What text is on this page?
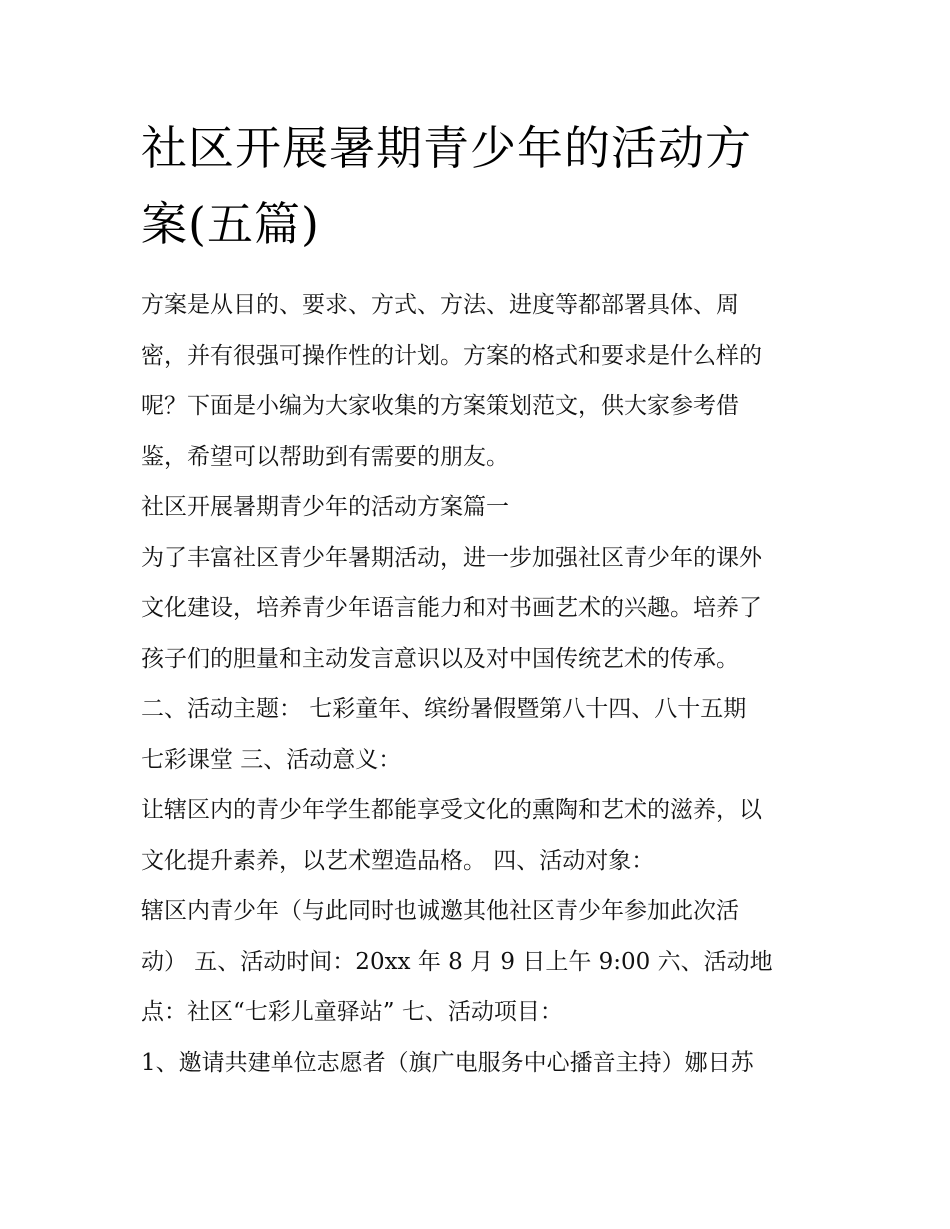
社区开展暑期青少年的活动方
案(五篇)
方案是从目的、要求、方式、方法、进度等都部署具体、周
密，并有很强可操作性的计划。方案的格式和要求是什么样的
呢？下面是小编为大家收集的方案策划范文，供大家参考借
鉴，希望可以帮助到有需要的朋友。
社区开展暑期青少年的活动方案篇一
为了丰富社区青少年暑期活动，进一步加强社区青少年的课外
文化建设，培养青少年语言能力和对书画艺术的兴趣。培养了
孩子们的胆量和主动发言意识以及对中国传统艺术的传承。
二、活动主题： 七彩童年、缤纷暑假暨第八十四、八十五期
七彩课堂 三、活动意义：
让辖区内的青少年学生都能享受文化的熏陶和艺术的滋养，以
文化提升素养，以艺术塑造品格。 四、活动对象：
辖区内青少年（与此同时也诚邀其他社区青少年参加此次活
动） 五、活动时间：20xx 年 8 月 9 日上午 9:00 六、活动地
点：社区“七彩儿童驿站” 七、活动项目：
1、邀请共建单位志愿者（旗广电服务中心播音主持）娜日苏
